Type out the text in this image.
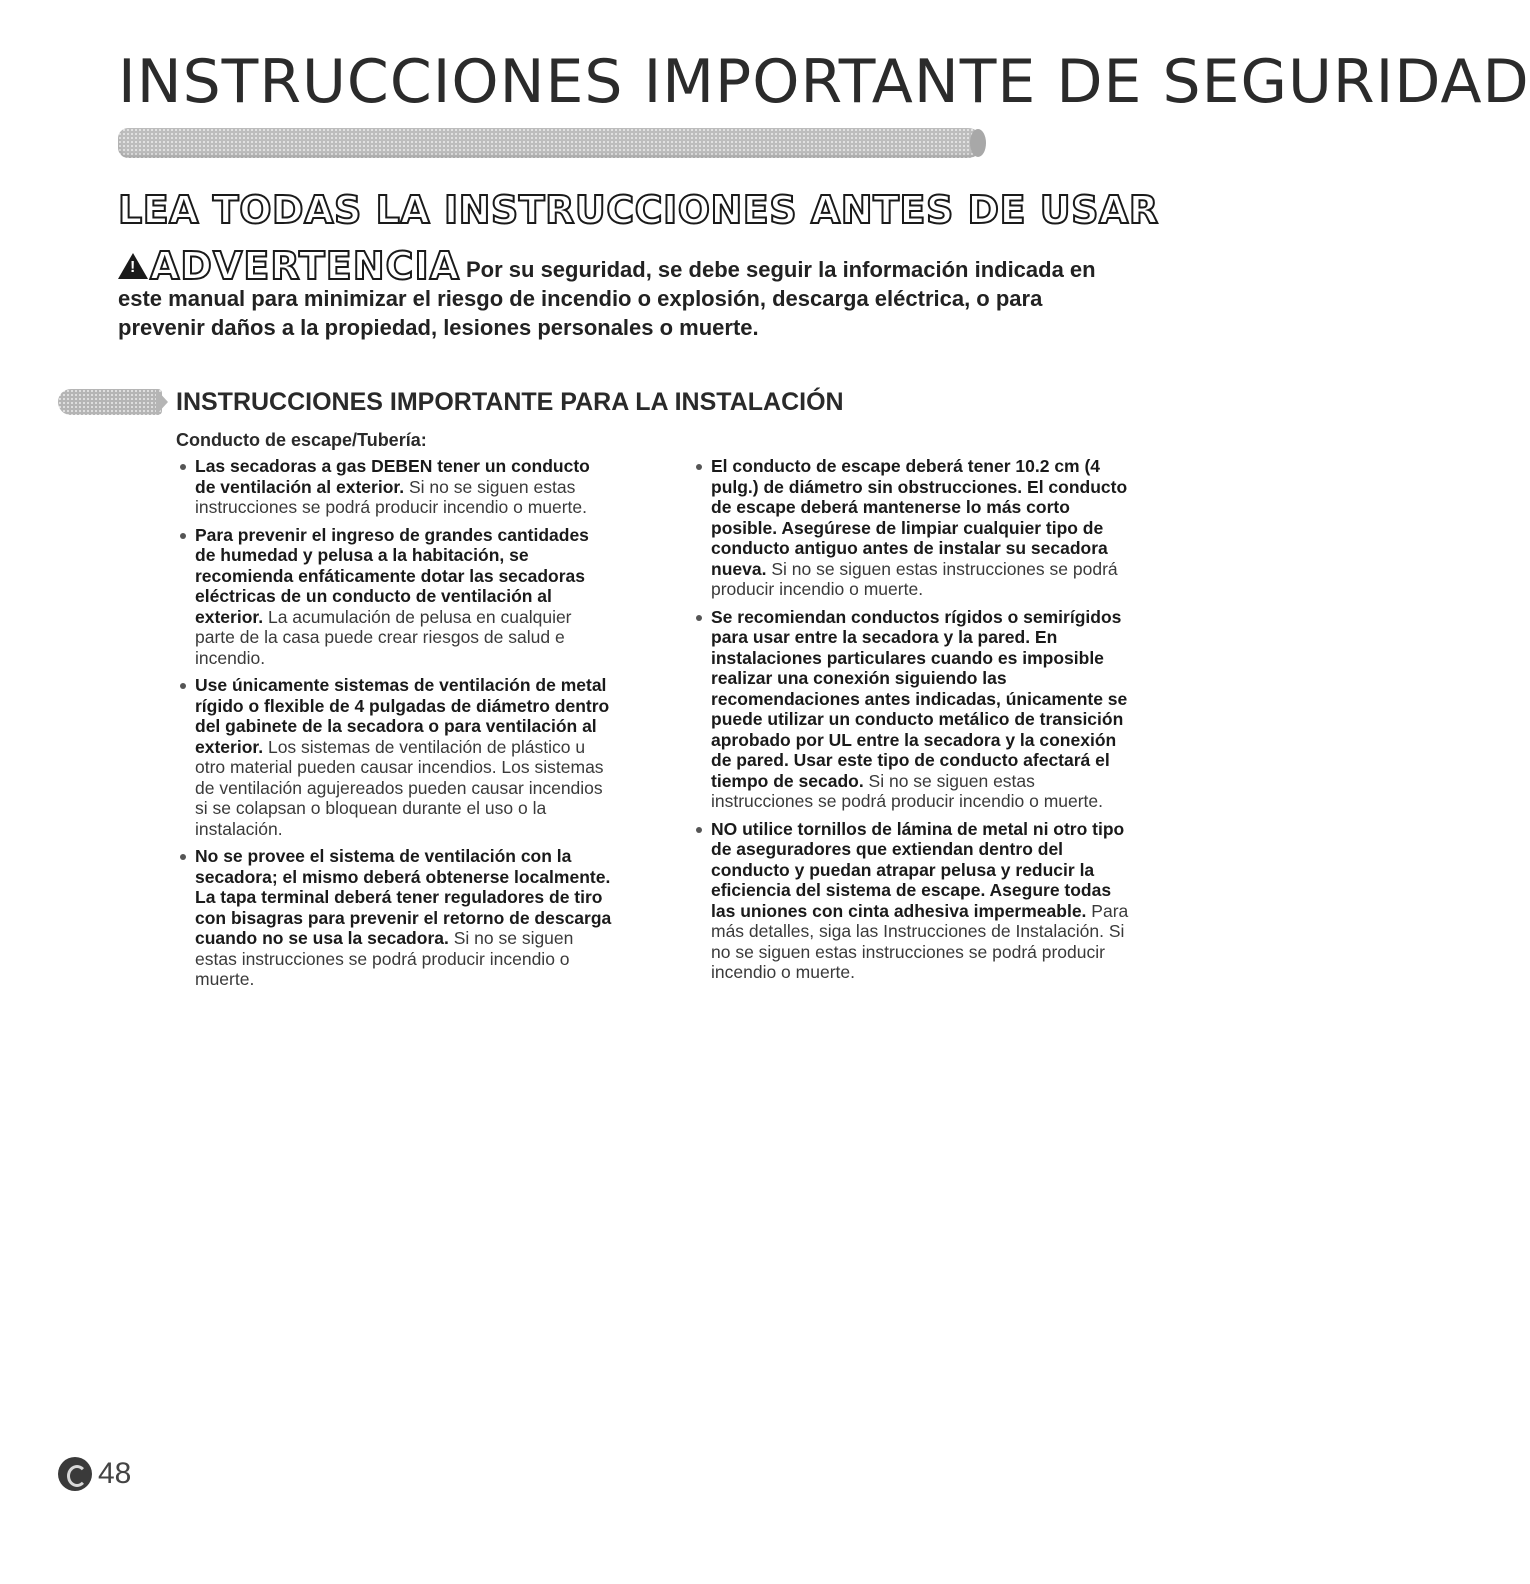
INSTRUCCIONES IMPORTANTE DE SEGURIDAD
LEA TODAS LA INSTRUCCIONES ANTES DE USAR
!ADVERTENCIA Por su seguridad, se debe seguir la información indicada en este manual para minimizar el riesgo de incendio o explosión, descarga eléctrica, o para prevenir daños a la propiedad, lesiones personales o muerte.
INSTRUCCIONES IMPORTANTE PARA LA INSTALACIÓN
Conducto de escape/Tubería:
Las secadoras a gas DEBEN tener un conducto de ventilación al exterior. Si no se siguen estas instrucciones se podrá producir incendio o muerte.
Para prevenir el ingreso de grandes cantidades de humedad y pelusa a la habitación, se recomienda enfáticamente dotar las secadoras eléctricas de un conducto de ventilación al exterior. La acumulación de pelusa en cualquier parte de la casa puede crear riesgos de salud e incendio.
Use únicamente sistemas de ventilación de metal rígido o flexible de 4 pulgadas de diámetro dentro del gabinete de la secadora o para ventilación al exterior. Los sistemas de ventilación de plástico u otro material pueden causar incendios. Los sistemas de ventilación agujereados pueden causar incendios si se colapsan o bloquean durante el uso o la instalación.
No se provee el sistema de ventilación con la secadora; el mismo deberá obtenerse localmente. La tapa terminal deberá tener reguladores de tiro con bisagras para prevenir el retorno de descarga cuando no se usa la secadora. Si no se siguen estas instrucciones se podrá producir incendio o muerte.
El conducto de escape deberá tener 10.2 cm (4 pulg.) de diámetro sin obstrucciones. El conducto de escape deberá mantenerse lo más corto posible. Asegúrese de limpiar cualquier tipo de conducto antiguo antes de instalar su secadora nueva. Si no se siguen estas instrucciones se podrá producir incendio o muerte.
Se recomiendan conductos rígidos o semirígidos para usar entre la secadora y la pared. En instalaciones particulares cuando es imposible realizar una conexión siguiendo las recomendaciones antes indicadas, únicamente se puede utilizar un conducto metálico de transición aprobado por UL entre la secadora y la conexión de pared. Usar este tipo de conducto afectará el tiempo de secado. Si no se siguen estas instrucciones se podrá producir incendio o muerte.
NO utilice tornillos de lámina de metal ni otro tipo de aseguradores que extiendan dentro del conducto y puedan atrapar pelusa y reducir la eficiencia del sistema de escape. Asegure todas las uniones con cinta adhesiva impermeable. Para más detalles, siga las Instrucciones de Instalación. Si no se siguen estas instrucciones se podrá producir incendio o muerte.
48
